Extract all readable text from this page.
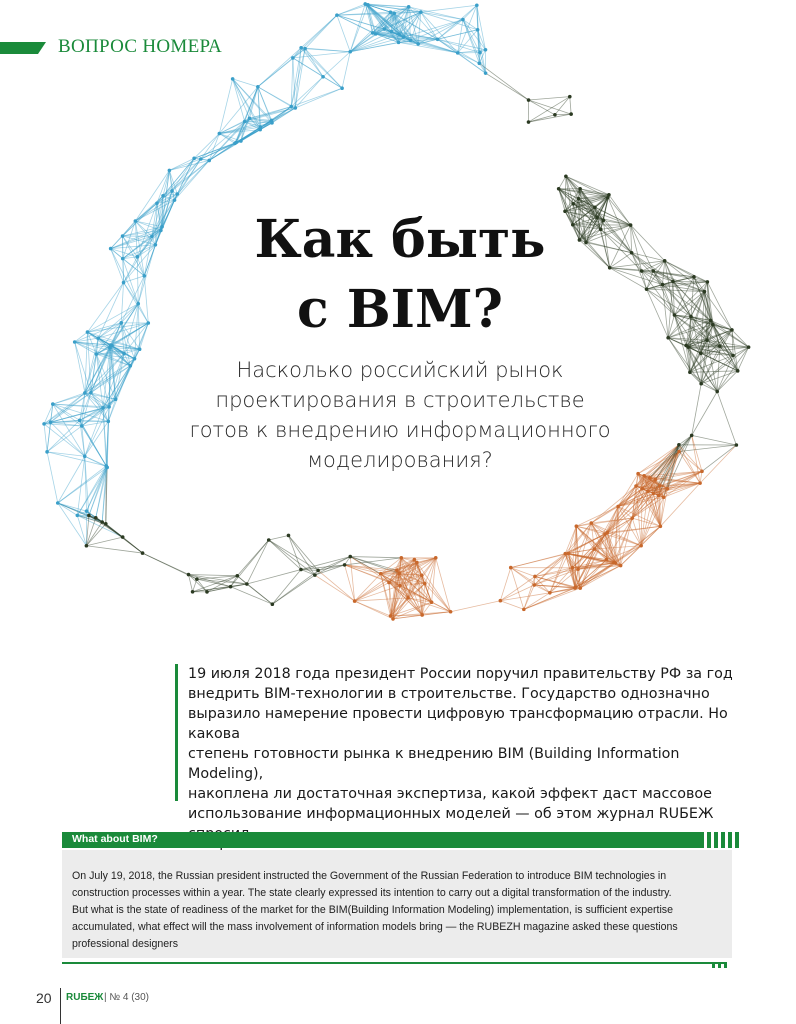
ВОПРОС НОМЕРА
Как быть
с BIM?
Насколько российский рынок
проектирования в строительстве
готов к внедрению информационного
моделирования?
19 июля 2018 года президент России поручил правительству РФ за год
внедрить BIM-технологии в строительстве. Государство однозначно
выразило намерение провести цифровую трансформацию отрасли. Но какова
степень готовности рынка к внедрению BIM (Building Information Modeling),
накоплена ли достаточная экспертиза, какой эффект даст массовое
использование информационных моделей — об этом журнал RUБЕЖ
What about BIM?
On July 19, 2018, the Russian president instructed the Government of the Russian Federation to introduce BIM technologies in
construction processes within a year. The state clearly expressed its intention to carry out a digital transformation of the industry.
But what is the state of readiness of the market for the BIM(Building Information Modeling) implementation, is sufficient expertise
accumulated, what effect will the mass involvement of information models bring — the RUBEZH magazine asked these questions
professional designers
20 RUБЕЖ | № 4 (30)
